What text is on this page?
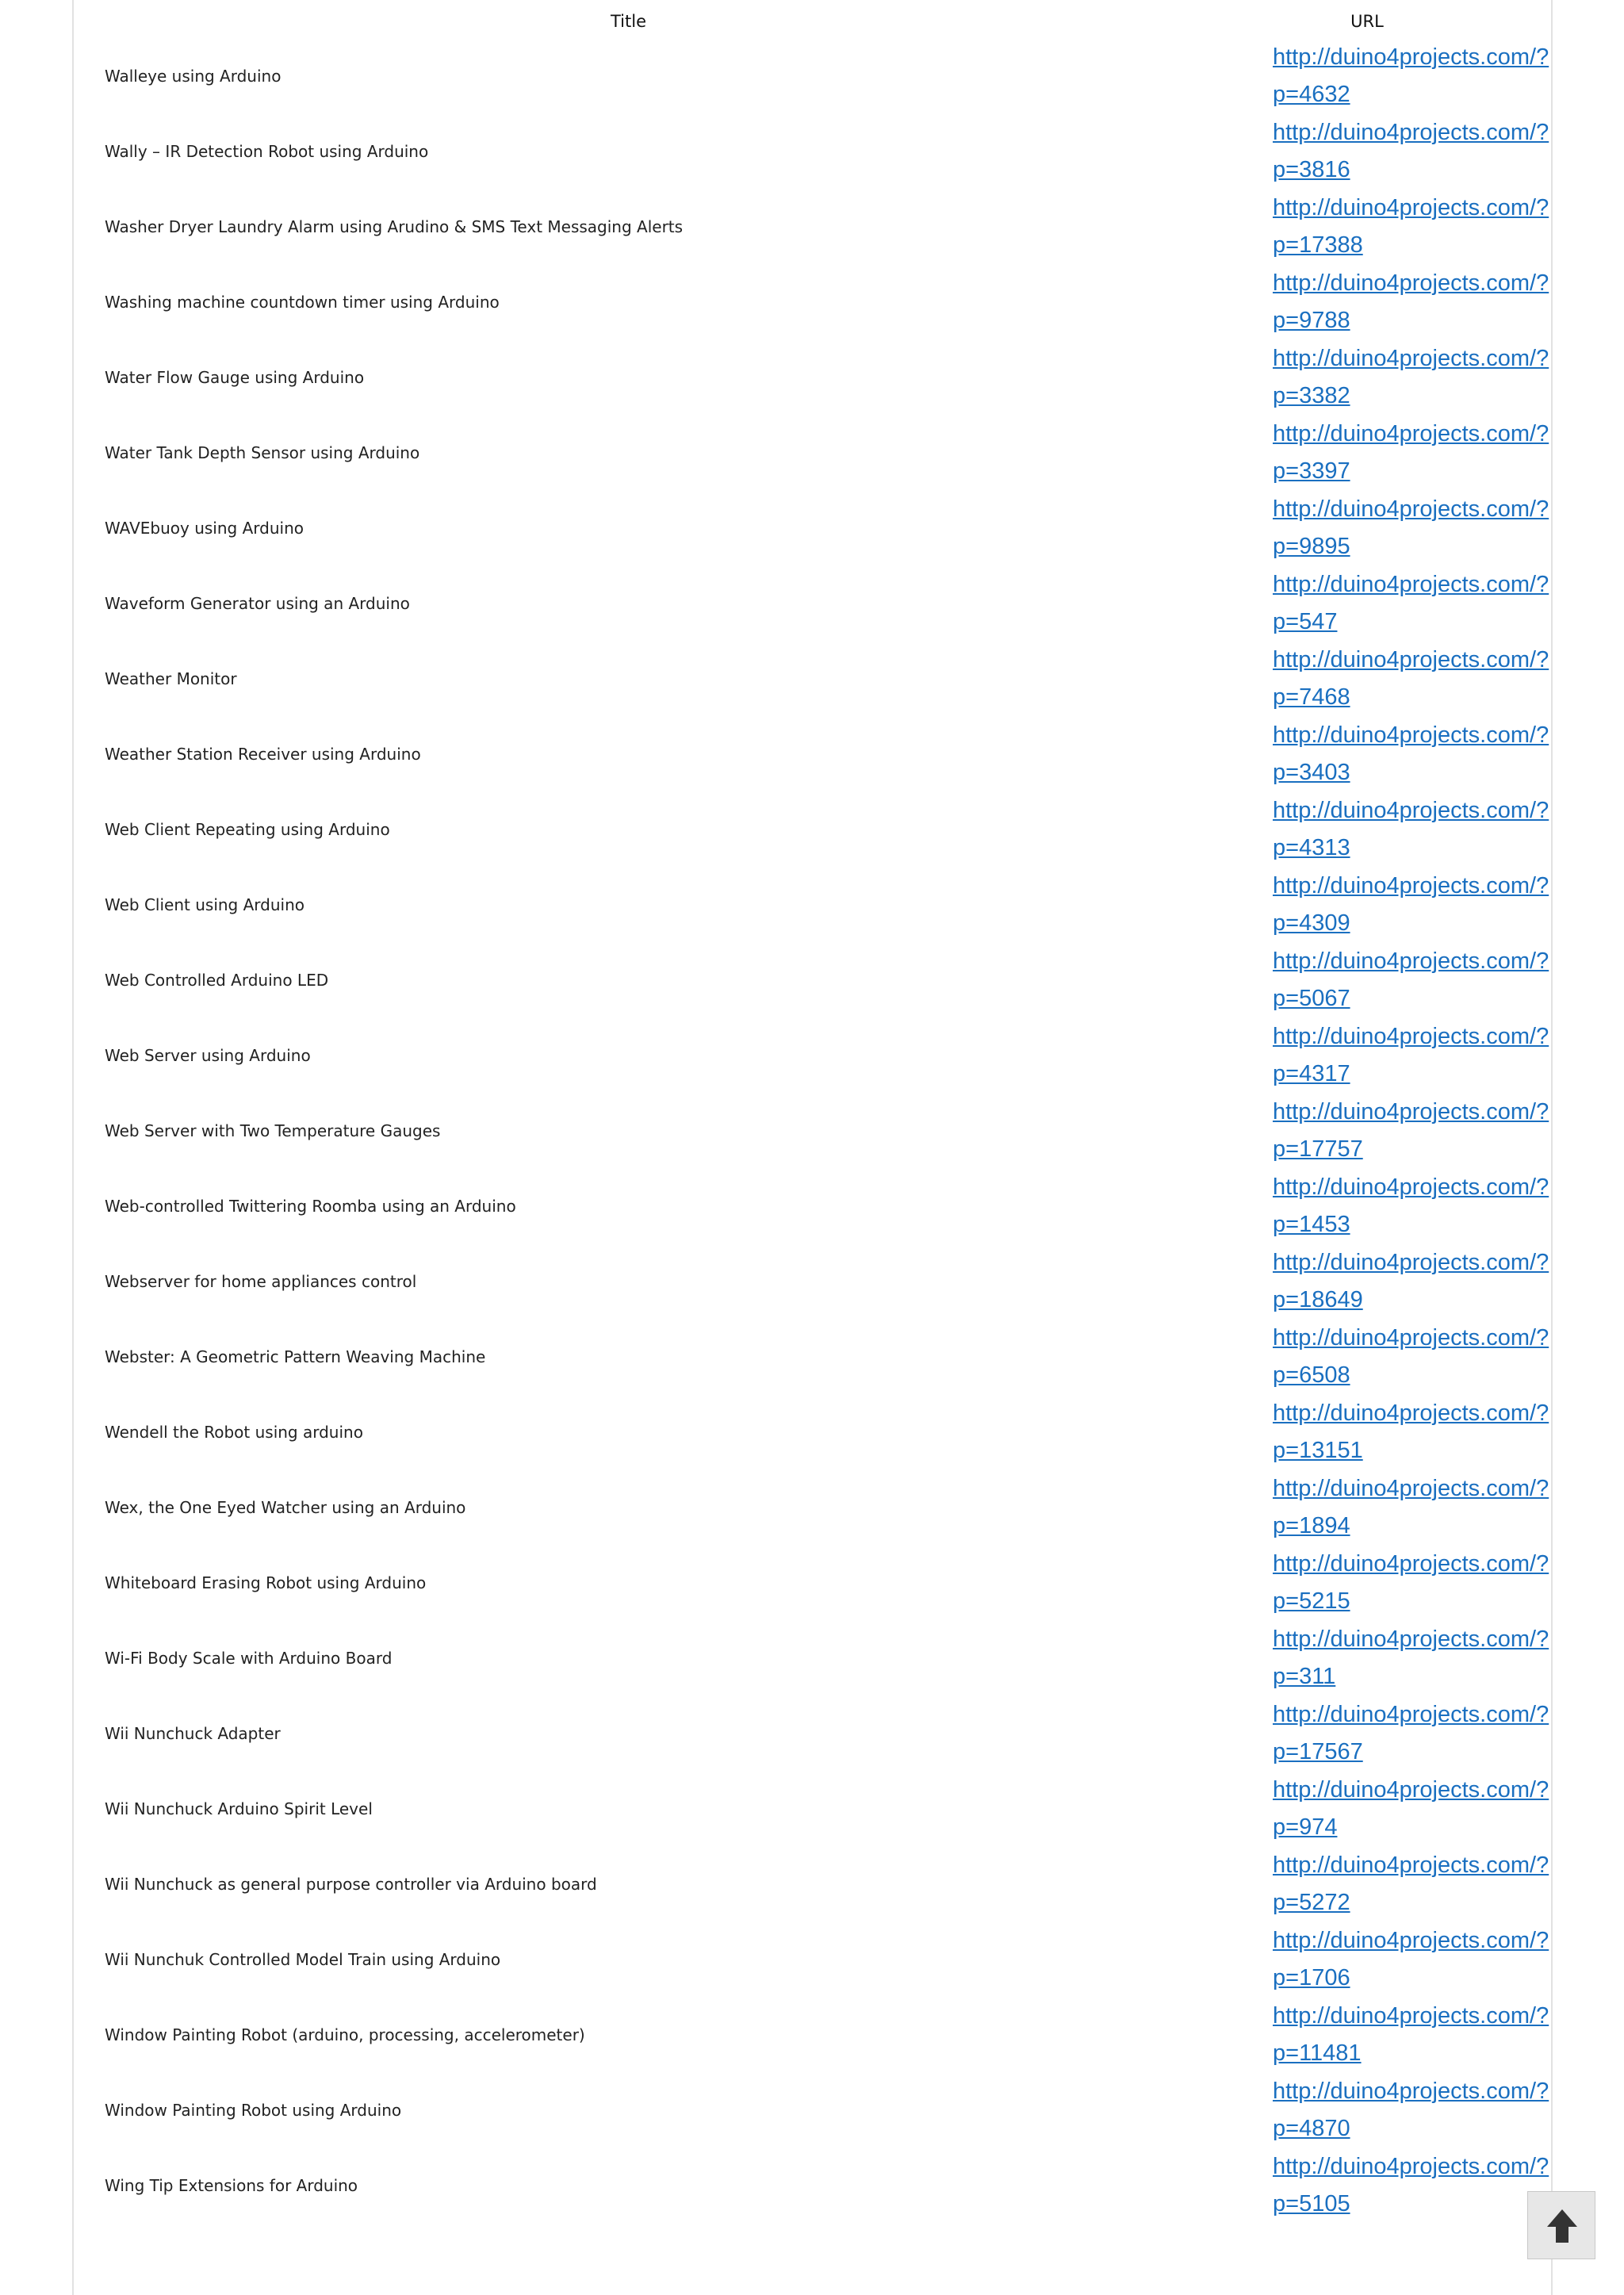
Title	URL
Walleye using Arduino	http://duino4projects.com/?p=4632
Wally – IR Detection Robot using Arduino	http://duino4projects.com/?p=3816
Washer Dryer Laundry Alarm using Arudino & SMS Text Messaging Alerts	http://duino4projects.com/?p=17388
Washing machine countdown timer using Arduino	http://duino4projects.com/?p=9788
Water Flow Gauge using Arduino	http://duino4projects.com/?p=3382
Water Tank Depth Sensor using Arduino	http://duino4projects.com/?p=3397
WAVEbuoy using Arduino	http://duino4projects.com/?p=9895
Waveform Generator using an Arduino	http://duino4projects.com/?p=547
Weather Monitor	http://duino4projects.com/?p=7468
Weather Station Receiver using Arduino	http://duino4projects.com/?p=3403
Web Client Repeating using Arduino	http://duino4projects.com/?p=4313
Web Client using Arduino	http://duino4projects.com/?p=4309
Web Controlled Arduino LED	http://duino4projects.com/?p=5067
Web Server using Arduino	http://duino4projects.com/?p=4317
Web Server with Two Temperature Gauges	http://duino4projects.com/?p=17757
Web-controlled Twittering Roomba using an Arduino	http://duino4projects.com/?p=1453
Webserver for home appliances control	http://duino4projects.com/?p=18649
Webster: A Geometric Pattern Weaving Machine	http://duino4projects.com/?p=6508
Wendell the Robot using arduino	http://duino4projects.com/?p=13151
Wex, the One Eyed Watcher using an Arduino	http://duino4projects.com/?p=1894
Whiteboard Erasing Robot using Arduino	http://duino4projects.com/?p=5215
Wi-Fi Body Scale with Arduino Board	http://duino4projects.com/?p=311
Wii Nunchuck Adapter	http://duino4projects.com/?p=17567
Wii Nunchuck Arduino Spirit Level	http://duino4projects.com/?p=974
Wii Nunchuck as general purpose controller via Arduino board	http://duino4projects.com/?p=5272
Wii Nunchuk Controlled Model Train using Arduino	http://duino4projects.com/?p=1706
Window Painting Robot (arduino, processing, accelerometer)	http://duino4projects.com/?p=11481
Window Painting Robot using Arduino	http://duino4projects.com/?p=4870
Wing Tip Extensions for Arduino	http://duino4projects.com/?p=5105
